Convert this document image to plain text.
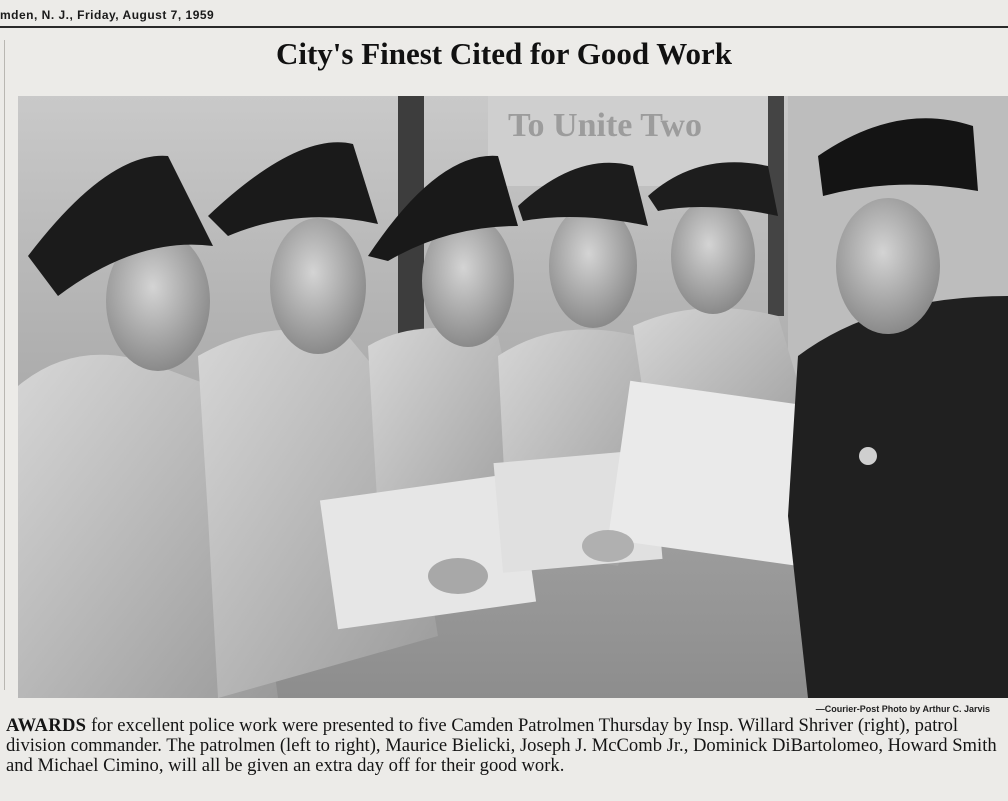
mden, N. J., Friday, August 7, 1959
City's Finest Cited for Good Work
To Unite Two
—Courier-Post Photo by Arthur C. Jarvis
AWARDS for excellent police work were presented to five Camden Patrolmen Thursday by Insp. Willard Shriver (right), patrol division commander. The patrolmen (left to right), Maurice Bielicki, Joseph J. McComb Jr., Dominick DiBartolomeo, Howard Smith and Michael Cimino, will all be given an extra day off for their good work.
